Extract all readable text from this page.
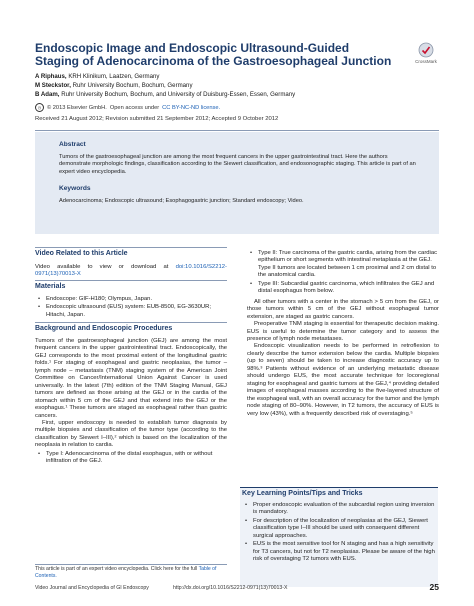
Endoscopic Image and Endoscopic Ultrasound-Guided Staging of Adenocarcinoma of the Gastroesophageal Junction	CrossMark
A Riphaus, KRH Klinikum, Laatzen, Germany
M Steckstor, Ruhr University Bochum, Bochum, Germany
B Adam, Ruhr University Bochum, Bochum, and University of Duisburg-Essen, Essen, Germany
◷	© 2013 Elsevier GmbH. Open access under CC BY-NC-ND license.
Received 21 August 2012; Revision submitted 21 September 2012; Accepted 9 October 2012
Abstract
Tumors of the gastroesophageal junction are among the most frequent cancers in the upper gastrointestinal tract. Here the authors demonstrate morphologic findings, classification according to the Siewert classification, and endosonographic staging. This article is part of an expert video encyclopedia.
Keywords
Adenocarcinoma; Endoscopic ultrasound; Esophagogastric junction; Standard endoscopy; Video.
Video Related to this Article

Video available to view or download at doi:10.1016/S2212-0971(13)70013-X

Materials
• Endoscope: GIF-H180; Olympus, Japan.
• Endoscopic ultrasound (EUS) system: EUB-8500, EG-3630UR; Hitachi, Japan.
Background and Endoscopic Procedures

Tumors of the gastroesophageal junction (GEJ) are among the most frequent cancers in the upper gastrointestinal tract. Endoscopically, the GEJ corresponds to the most proximal extent of the longitudinal gastric folds.¹ For staging of esophageal and gastric neoplasias, the tumor – lymph node – metastasis (TNM) staging system of the American Joint Committee on Cancer/International Union Against Cancer is used universally. In the latest (7th) edition of the TNM Staging Manual, GEJ tumors are defined as those arising at the GEJ or in the cardia of the stomach within 5 cm of the GEJ and that extend into the GEJ or the esophagus.¹ These tumors are staged as esophageal rather than gastric cancers.

First, upper endoscopy is needed to establish tumor diagnosis by multiple biopsies and classification of the tumor type (according to the classification by Siewert I–III),² which is based on the localization of the neoplasia in relation to cardia.

• Type I: Adenocarcinoma of the distal esophagus, with or without infiltration of the GEJ.
This article is part of an expert video encyclopedia. Click here for the full Table of Contents.
• Type II: True carcinoma of the gastric cardia, arising from the cardiac epithelium or short segments with intestinal metaplasia at the GEJ. Type II tumors are located between 1 cm proximal and 2 cm distal to the anatomical cardia.
• Type III: Subcardial gastric carcinoma, which infiltrates the GEJ and distal esophagus from below.

All other tumors with a center in the stomach > 5 cm from the GEJ, or those tumors within 5 cm of the GEJ without esophageal tumor extension, are staged as gastric cancers.

Preoperative TNM staging is essential for therapeutic decision making. EUS is useful to determine the tumor category and to assess the presence of lymph node metastases.

Endoscopic visualization needs to be performed in retroflexion to clearly describe the tumor extension below the cardia. Multiple biopsies (up to seven) should be taken to increase diagnostic accuracy up to 98%.³ Patients without evidence of an underlying metastatic disease should undergo EUS, the most accurate technique for locoregional staging for esophageal and gastric tumors at the GEJ,⁴ providing detailed images of esophageal masses according to the five-layered structure of the esophageal wall, with an overall accuracy for the tumor and the lymph node staging of 80–90%. However, in T2 tumors, the accuracy of EUS is very low (43%), with a frequently described risk of overstaging.⁵

Key Learning Points/Tips and Tricks
• Proper endoscopic evaluation of the subcardial region using inversion is mandatory.
• For description of the localization of neoplasias at the GEJ, Siewert classification type I–III should be used with consequent different surgical approaches.
• EUS is the most sensitive tool for N staging and has a high sensitivity for T3 cancers, but not for T2 neoplasias. Please be aware of the high risk of overstaging T2 tumors with EUS.
Video Journal and Encyclopedia of GI Endoscopy	http://dx.doi.org/10.1016/S2212-0971(13)70013-X	25
